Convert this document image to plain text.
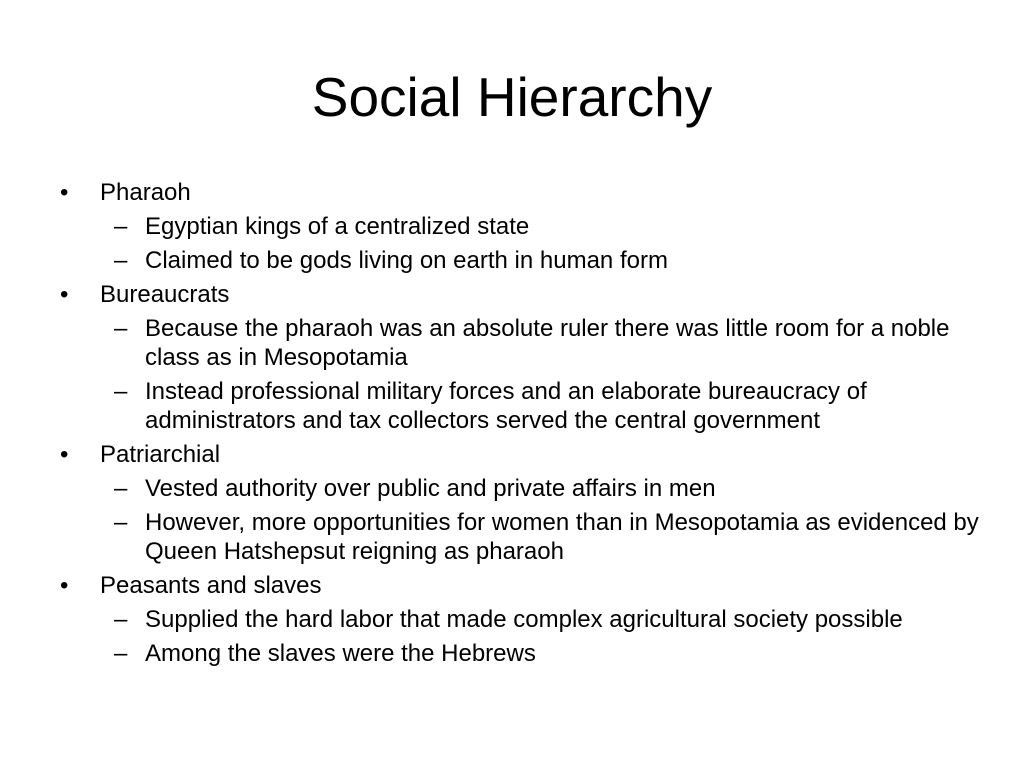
Social Hierarchy
• Pharaoh
– Egyptian kings of a centralized state
– Claimed to be gods living on earth in human form
• Bureaucrats
– Because the pharaoh was an absolute ruler there was little room for a noble class as in Mesopotamia
– Instead professional military forces and an elaborate bureaucracy of administrators and tax collectors served the central government
• Patriarchial
– Vested authority over public and private affairs in men
– However, more opportunities for women than in Mesopotamia as evidenced by Queen Hatshepsut reigning as pharaoh
• Peasants and slaves
– Supplied the hard labor that made complex agricultural society possible
– Among the slaves were the Hebrews
